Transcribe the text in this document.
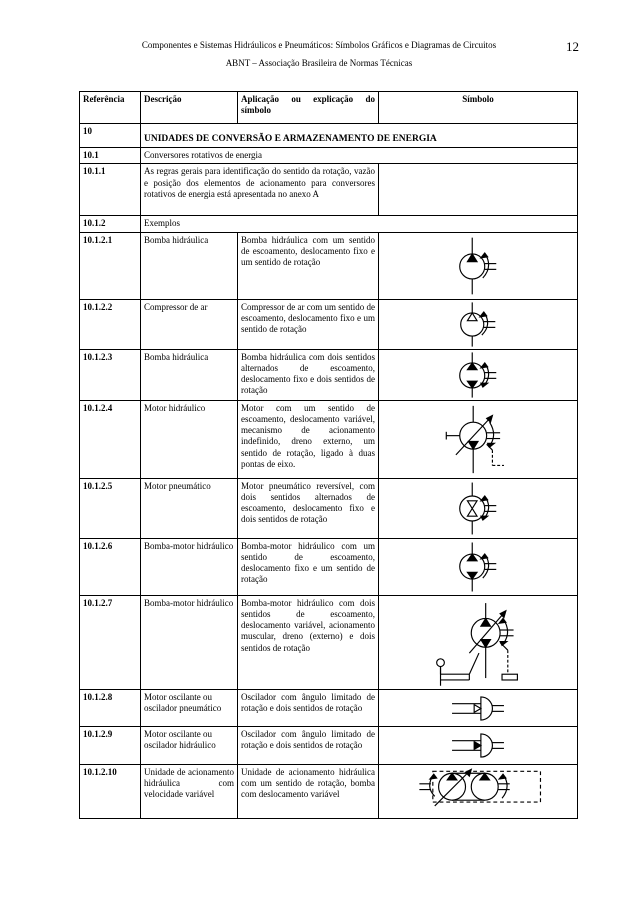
Componentes e Sistemas Hidráulicos e Pneumáticos: Símbolos Gráficos e Diagramas de Circuitos
ABNT – Associação Brasileira de Normas Técnicas
12
Referência	Descrição	Aplicação ou explicação do símbolo	Símbolo
10	UNIDADES DE CONVERSÃO E ARMAZENAMENTO DE ENERGIA		
10.1	Conversores rotativos de energia		
10.1.1	As regras gerais para identificação do sentido da rotação, vazão e posição dos elementos de acionamento para conversores rotativos de energia está apresentada no anexo A		
10.1.2	Exemplos		
10.1.2.1	Bomba hidráulica	Bomba hidráulica com um sentido de escoamento, deslocamento fixo e um sentido de rotação	

10.1.2.2	Compressor de ar	Compressor de ar com um sentido de escoamento, deslocamento fixo e um sentido de rotação	

10.1.2.3	Bomba hidráulica	Bomba hidráulica com dois sentidos alternados de escoamento, deslocamento fixo e dois sentidos de rotação	

10.1.2.4	Motor hidráulico	Motor com um sentido de escoamento, deslocamento variável, mecanismo de acionamento indefinido, dreno externo, um sentido de rotação, ligado à duas pontas de eixo.	

10.1.2.5	Motor pneumático	Motor pneumático reversível, com dois sentidos alternados de escoamento, deslocamento fixo e dois sentidos de rotação	

10.1.2.6	Bomba-motor hidráulico	Bomba-motor hidráulico com um sentido de escoamento, deslocamento fixo e um sentido de rotação	

10.1.2.7	Bomba-motor hidráulico	Bomba-motor hidráulico com dois sentidos de escoamento, deslocamento variável, acionamento muscular, dreno (externo) e dois sentidos de rotação	

10.1.2.8	Motor oscilante ou oscilador pneumático	Oscilador com ângulo limitado de rotação e dois sentidos de rotação	

10.1.2.9	Motor oscilante ou oscilador hidráulico	Oscilador com ângulo limitado de rotação e dois sentidos de rotação	

10.1.2.10	Unidade de acionamento hidráulica com velocidade variável	Unidade de acionamento hidráulica com um sentido de rotação, bomba com deslocamento variável	
